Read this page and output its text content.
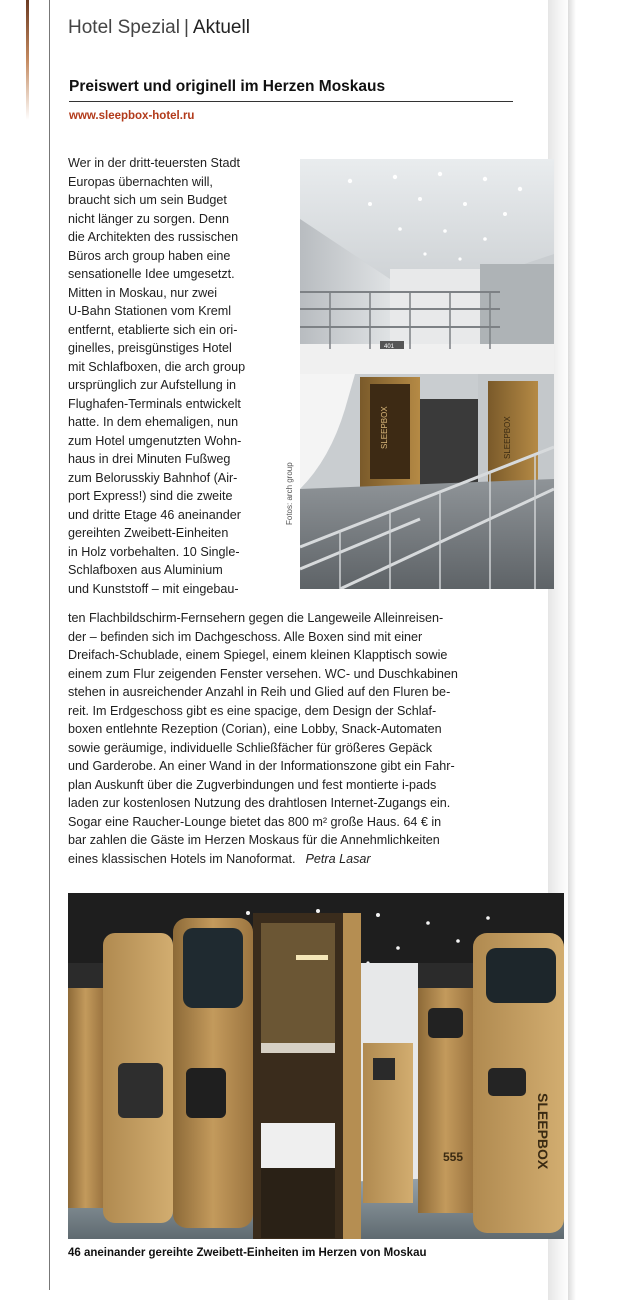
Hotel Spezial | Aktuell
Preiswert und originell im Herzen Moskaus
www.sleepbox-hotel.ru
Wer in der dritt-teuersten Stadt
Europas übernachten will,
braucht sich um sein Budget
nicht länger zu sorgen. Denn
die Architekten des russischen
Büros arch group haben eine
sensationelle Idee umgesetzt.
Mitten in Moskau, nur zwei
U-Bahn Stationen vom Kreml
entfernt, etablierte sich ein ori-
ginelles, preisgünstiges Hotel
mit Schlafboxen, die arch group
ursprünglich zur Aufstellung in
Flughafen-Terminals entwickelt
hatte. In dem ehemaligen, nun
zum Hotel umgenutzten Wohn-
haus in drei Minuten Fußweg
zum Belorusskiy Bahnhof (Air-
port Express!) sind die zweite
und dritte Etage 46 aneinander
gereihten Zweibett-Einheiten
in Holz vorbehalten. 10 Single-
Schlafboxen aus Aluminium
und Kunststoff – mit eingebau-
ten Flachbildschirm-Fernsehern gegen die Langeweile Alleinreisen-
der – befinden sich im Dachgeschoss. Alle Boxen sind mit einer
Dreifach-Schublade, einem Spiegel, einem kleinen Klapptisch sowie
einem zum Flur zeigenden Fenster versehen. WC- und Duschkabinen
stehen in ausreichender Anzahl in Reih und Glied auf den Fluren be-
reit. Im Erdgeschoss gibt es eine spacige, dem Design der Schlaf-
boxen entlehnte Rezeption (Corian), eine Lobby, Snack-Automaten
sowie geräumige, individuelle Schließfächer für größeres Gepäck
und Garderobe. An einer Wand in der Informationszone gibt ein Fahr-
plan Auskunft über die Zugverbindungen und fest montierte i-pads
laden zur kostenlosen Nutzung des drahtlosen Internet-Zugangs ein.
Sogar eine Raucher-Lounge bietet das 800 m² große Haus. 64 € in
bar zahlen die Gäste im Herzen Moskaus für die Annehmlichkeiten
eines klassischen Hotels im Nanoformat. Petra Lasar
401
SLEEPBOX	SLEEPBOX
Fotos: arch group
SLEEPBOX
555
46 aneinander gereihte Zweibett-Einheiten im Herzen von Moskau
